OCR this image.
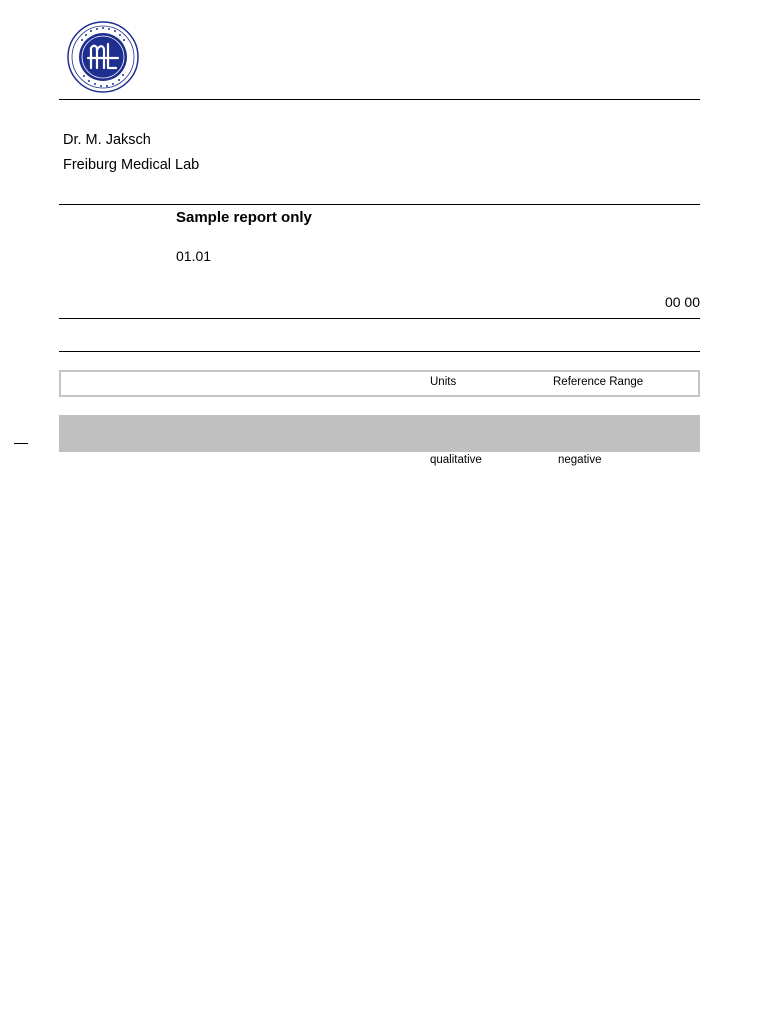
Dr. M. Jaksch
Freiburg Medical Lab
Sample report only
01.01
00 00
Units	Reference Range
qualitative	negative
